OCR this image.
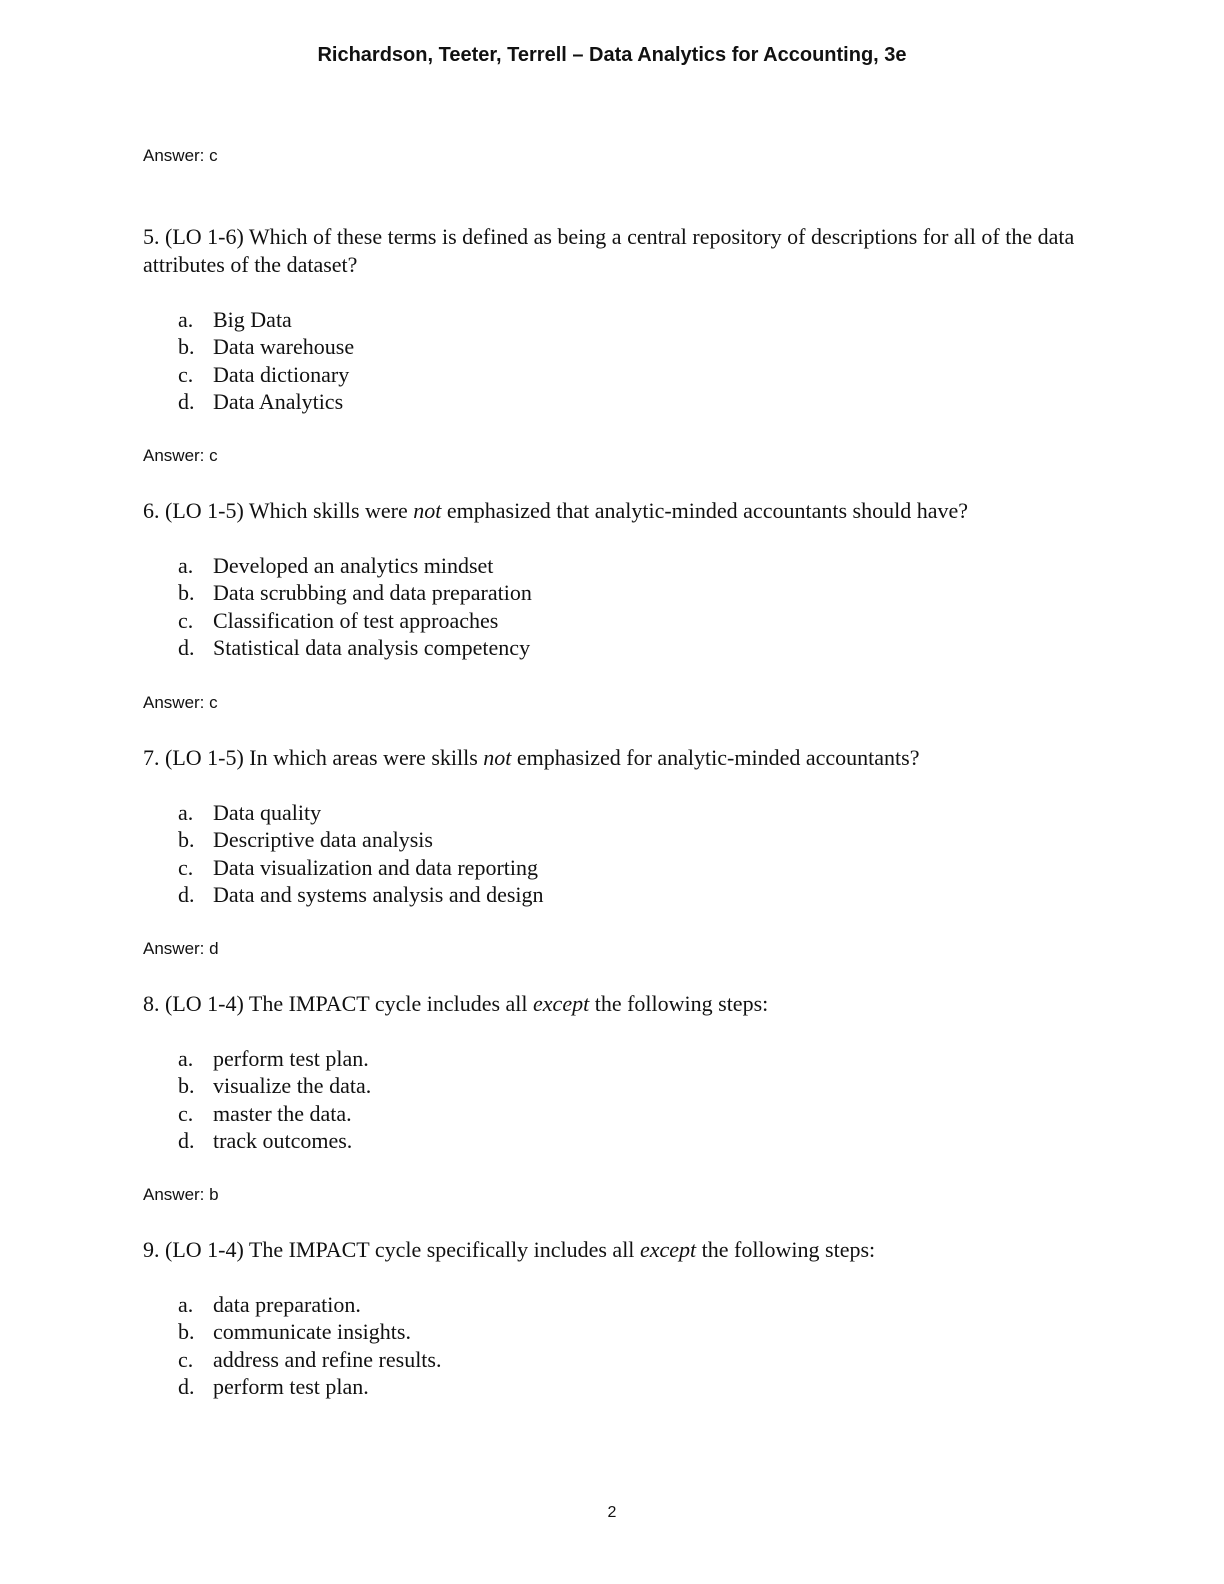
Richardson, Teeter, Terrell – Data Analytics for Accounting, 3e
Answer: c
5. (LO 1-6) Which of these terms is defined as being a central repository of descriptions for all of the data attributes of the dataset?
a. Big Data
b. Data warehouse
c. Data dictionary
d. Data Analytics
Answer: c
6. (LO 1-5) Which skills were not emphasized that analytic-minded accountants should have?
a. Developed an analytics mindset
b. Data scrubbing and data preparation
c. Classification of test approaches
d. Statistical data analysis competency
Answer: c
7. (LO 1-5) In which areas were skills not emphasized for analytic-minded accountants?
a. Data quality
b. Descriptive data analysis
c. Data visualization and data reporting
d. Data and systems analysis and design
Answer: d
8. (LO 1-4) The IMPACT cycle includes all except the following steps:
a. perform test plan.
b. visualize the data.
c. master the data.
d. track outcomes.
Answer: b
9. (LO 1-4) The IMPACT cycle specifically includes all except the following steps:
a. data preparation.
b. communicate insights.
c. address and refine results.
d. perform test plan.
2
